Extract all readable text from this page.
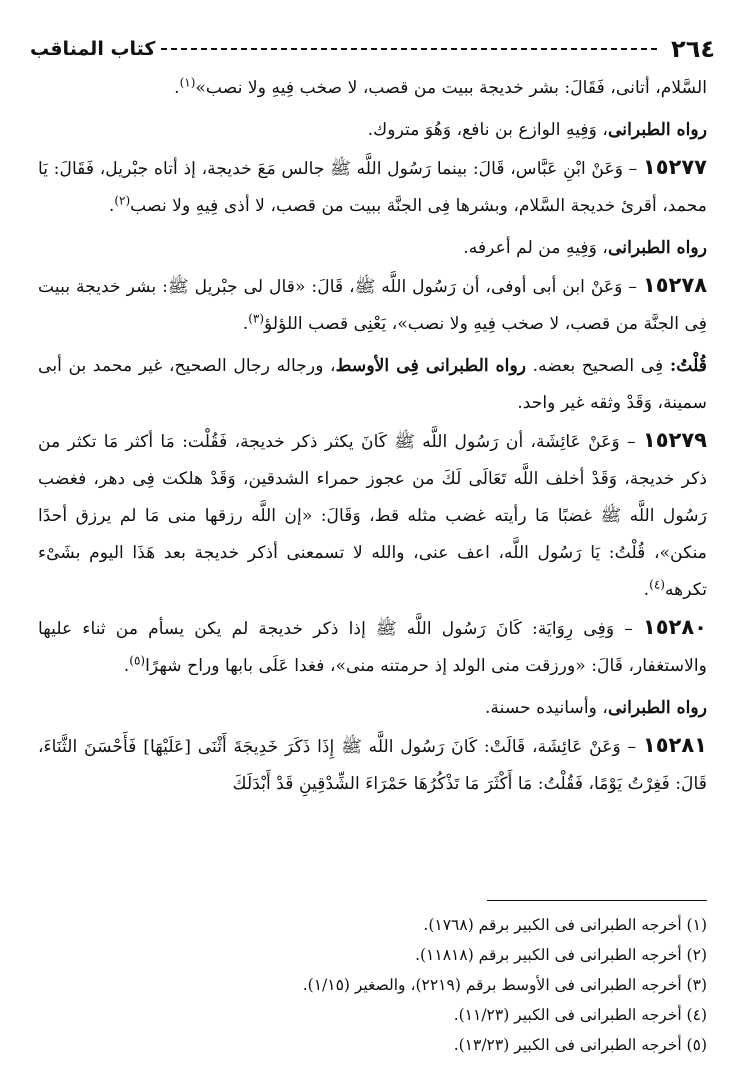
٢٦٤
كتاب المناقب

السَّلام، أتانى، فَقَالَ: بشر خديجة ببيت من قصب، لا صخب فِيهِ ولا نصب»$^{(١)}$.

رواه الطبرانى، وَفِيهِ الوازع بن نافع، وَهُوَ متروك.

١٥٢٧٧ – وَعَنْ ابْنِ عَبَّاس، قَالَ: بينما رَسُول اللَّه ﷺ جالس مَعَ خديجة، إذ أتاه جبْريل، فَقَالَ: يَا محمد، أقرئ خديجة السَّلام، وبشرها فِى الجنَّة ببيت من قصب، لا أذى فِيهِ ولا نصب$^{(٢)}$.

رواه الطبرانى، وَفِيهِ من لم أعرفه.

١٥٢٧٨ – وَعَنْ ابن أبى أوفى، أن رَسُول اللَّه ﷺ، قَالَ: «قال لى جبْريل ﷺ: بشر خديجة ببيت فِى الجنَّة من قصب، لا صخب فِيهِ ولا نصب»، يَعْنِى قصب اللؤلؤ$^{(٣)}$.

قُلْتُ: فِى الصحيح بعضه. رواه الطبرانى فِى الأوسط، ورجاله رجال الصحيح، غير محمد بن أبى سمينة، وَقَدْ وثقه غير واحد.

١٥٢٧٩ – وَعَنْ عَائِشَة، أن رَسُول اللَّه ﷺ كَانَ يكثر ذكر خديجة، فَقُلْت: مَا أكثر مَا تكثر من ذكر خديجة، وَقَدْ أخلف اللَّه تَعَالَى لَكَ من عجوز حمراء الشدقين، وَقَدْ هلكت فِى دهر، فغضب رَسُول اللَّه ﷺ غضبًا مَا رأيته غضب مثله قط، وَقَالَ: «إن اللَّه رزقها منى مَا لم يرزق أحدًا منكن»، قُلْتُ: يَا رَسُول اللَّه، اعف عنى، والله لا تسمعنى أذكر خديجة بعد هَذَا اليوم بشَىْء تكرهه$^{(٤)}$.

١٥٢٨٠ – وَفِى رِوَايَة: كَانَ رَسُول اللَّه ﷺ إذا ذكر خديجة لم يكن يسأم من ثناء عليها والاستغفار، قَالَ: «ورزقت منى الولد إذ حرمتنه منى»، فغدا عَلَى بابها وراح شهرًا$^{(٥)}$.

رواه الطبرانى، وأسانيده حسنة.

١٥٢٨١ – وَعَنْ عَائِشَة، قَالَتْ: كَانَ رَسُول اللَّه ﷺ إِذَا ذَكَرَ خَدِيجَةَ أَثْنَى [عَلَيْهَا] فَأَحْسَنَ الثَّنَاءَ، قَالَ: فَغِرْتُ يَوْمًا، فَقُلْتُ: مَا أَكْثَرَ مَا تَذْكُرُهَا حَمْرَاءَ الشِّدْقِينِ قَدْ أَبْدَلَكَ

(١) أخرجه الطبرانى فى الكبير برقم (١٧٦٨).
(٢) أخرجه الطبرانى فى الكبير برقم (١١٨١٨).
(٣) أخرجه الطبرانى فى الأوسط برقم (٢٢١٩)، والصغير (١/١٥).
(٤) أخرجه الطبرانى فى الكبير (١١/٢٣).
(٥) أخرجه الطبرانى فى الكبير (١٣/٢٣).
